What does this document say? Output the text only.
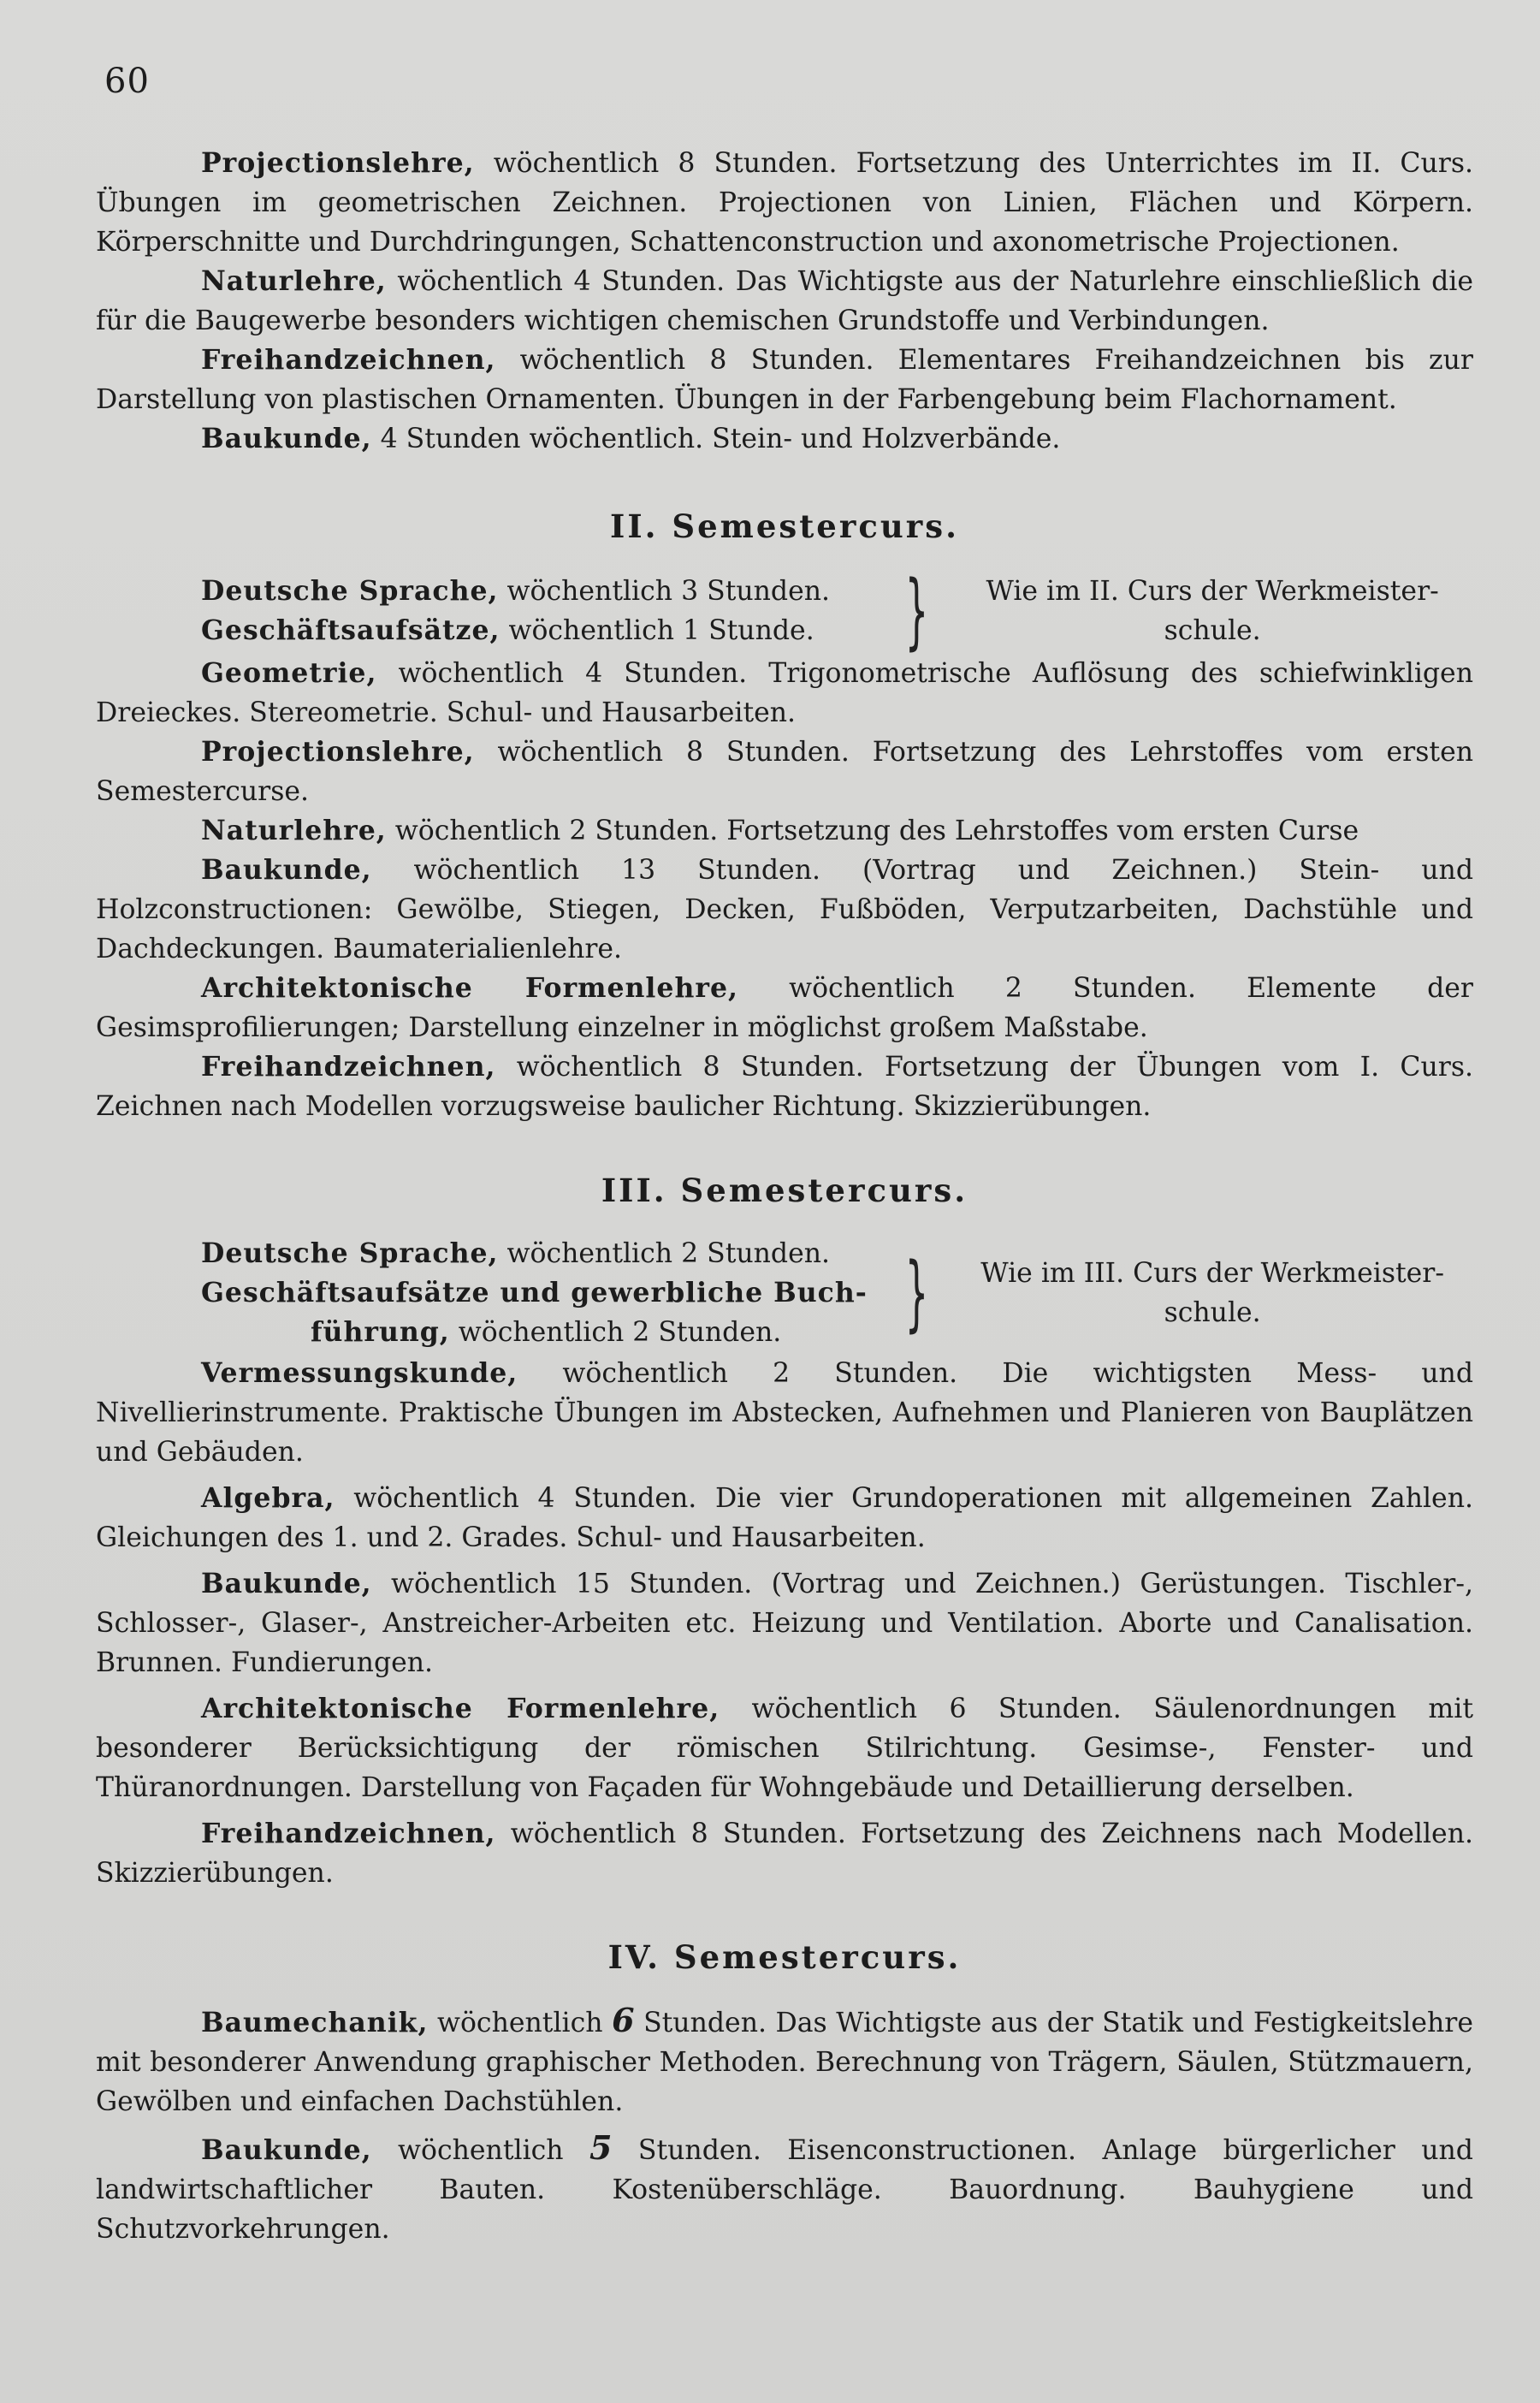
60

Projectionslehre, wöchentlich 8 Stunden. Fortsetzung des Unterrichtes im II. Curs. Übungen im geometrischen Zeichnen. Projectionen von Linien, Flächen und Körpern. Körperschnitte und Durchdringungen, Schattenconstruction und axonometrische Projectionen.

Naturlehre, wöchentlich 4 Stunden. Das Wichtigste aus der Naturlehre einschließlich die für die Baugewerbe besonders wichtigen chemischen Grundstoffe und Verbindungen.

Freihandzeichnen, wöchentlich 8 Stunden. Elementares Freihandzeichnen bis zur Darstellung von plastischen Ornamenten. Übungen in der Farbengebung beim Flachornament.

Baukunde, 4 Stunden wöchentlich. Stein- und Holzverbände.

II. Semestercurs.
Deutsche Sprache, wöchentlich 3 Stunden.
Geschäftsaufsätze, wöchentlich 1 Stunde.	}	Wie im II. Curs der Werkmeister-schule.

Geometrie, wöchentlich 4 Stunden. Trigonometrische Auflösung des schiefwinkligen Dreieckes. Stereometrie. Schul- und Hausarbeiten.

Projectionslehre, wöchentlich 8 Stunden. Fortsetzung des Lehrstoffes vom ersten Semestercurse.

Naturlehre, wöchentlich 2 Stunden. Fortsetzung des Lehrstoffes vom ersten Curse

Baukunde, wöchentlich 13 Stunden. (Vortrag und Zeichnen.) Stein- und Holzconstructionen: Gewölbe, Stiegen, Decken, Fußböden, Verputzarbeiten, Dachstühle und Dachdeckungen. Baumaterialienlehre.

Architektonische Formenlehre, wöchentlich 2 Stunden. Elemente der Gesimsprofilierungen; Darstellung einzelner in möglichst großem Maßstabe.

Freihandzeichnen, wöchentlich 8 Stunden. Fortsetzung der Übungen vom I. Curs. Zeichnen nach Modellen vorzugsweise baulicher Richtung. Skizzierübungen.

III. Semestercurs.
Deutsche Sprache, wöchentlich 2 Stunden.
Geschäftsaufsätze und gewerbliche Buch-
führung, wöchentlich 2 Stunden.	}	Wie im III. Curs der Werkmeister-schule.

Vermessungskunde, wöchentlich 2 Stunden. Die wichtigsten Mess- und Nivellierinstrumente. Praktische Übungen im Abstecken, Aufnehmen und Planieren von Bauplätzen und Gebäuden.

Algebra, wöchentlich 4 Stunden. Die vier Grundoperationen mit allgemeinen Zahlen. Gleichungen des 1. und 2. Grades. Schul- und Hausarbeiten.

Baukunde, wöchentlich 15 Stunden. (Vortrag und Zeichnen.) Gerüstungen. Tischler-, Schlosser-, Glaser-, Anstreicher-Arbeiten etc. Heizung und Ventilation. Aborte und Canalisation. Brunnen. Fundierungen.

Architektonische Formenlehre, wöchentlich 6 Stunden. Säulenordnungen mit besonderer Berücksichtigung der römischen Stilrichtung. Gesimse-, Fenster- und Thüranordnungen. Darstellung von Façaden für Wohngebäude und Detaillierung derselben.

Freihandzeichnen, wöchentlich 8 Stunden. Fortsetzung des Zeichnens nach Modellen. Skizzierübungen.

IV. Semestercurs.

Baumechanik, wöchentlich 6 Stunden. Das Wichtigste aus der Statik und Festigkeitslehre mit besonderer Anwendung graphischer Methoden. Berechnung von Trägern, Säulen, Stützmauern, Gewölben und einfachen Dachstühlen.

Baukunde, wöchentlich 5 Stunden. Eisenconstructionen. Anlage bürgerlicher und landwirtschaftlicher Bauten. Kostenüberschläge. Bauordnung. Bauhygiene und Schutzvorkehrungen.
